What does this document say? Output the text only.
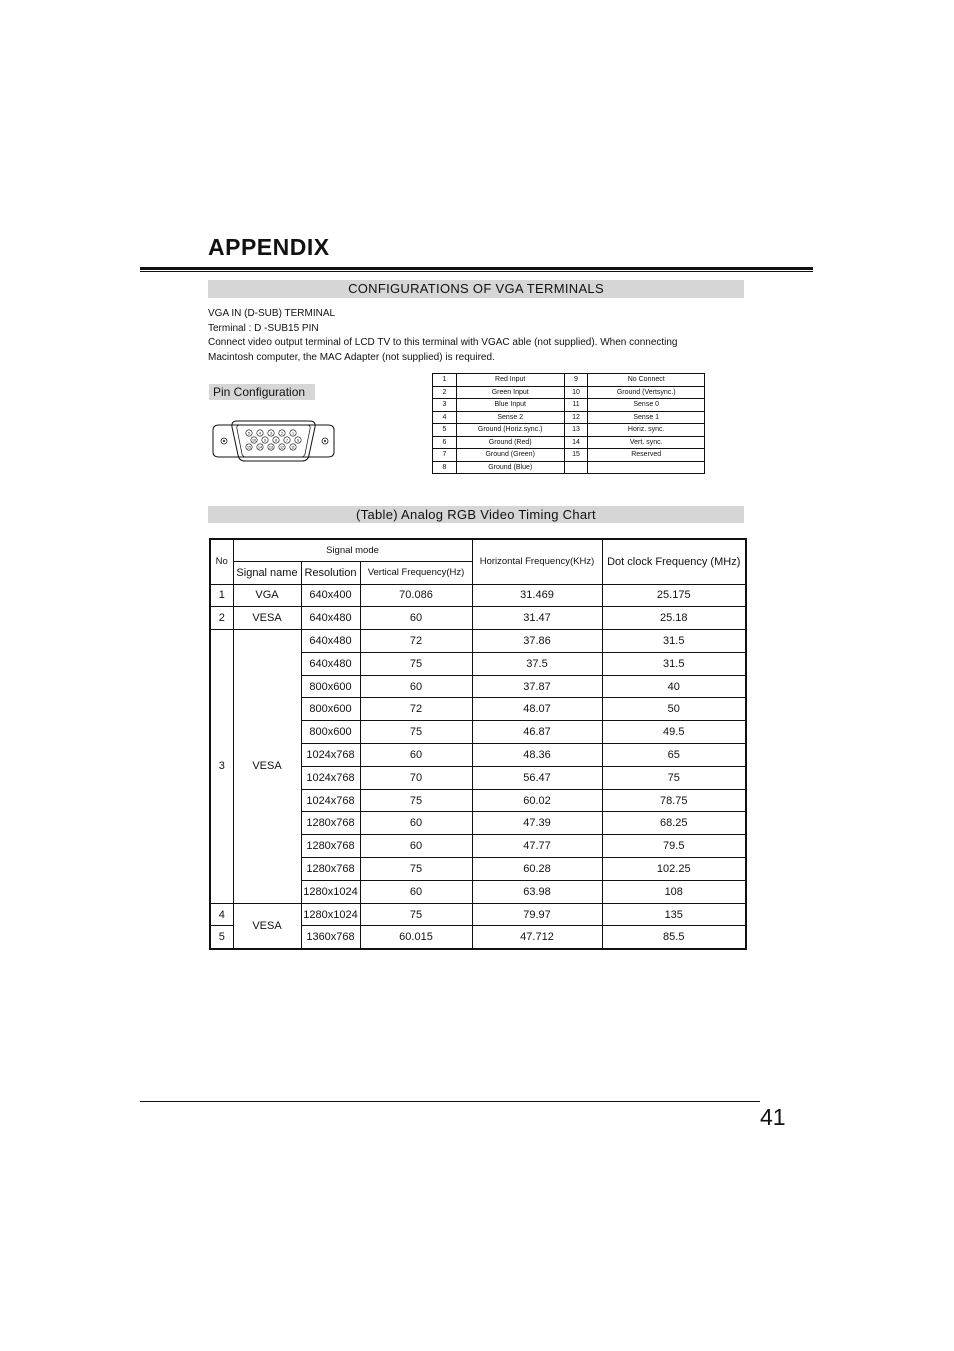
APPENDIX
CONFIGURATIONS OF VGA TERMINALS
VGA IN (D-SUB) TERMINAL
Terminal : D -SUB15 PIN
Connect video output terminal of LCD TV to this terminal with VGAC able (not supplied). When connecting
Macintosh computer, the MAC Adapter (not supplied) is required.
Pin Configuration
5	4	3	2	1
10 9	8	7	6
15 14 13 12 11
1	Red Input	9	No Connect
2	Green Input	10	Ground (Vertsync.)
3	Blue Input	11	Sense 0
4	Sense 2	12	Sense 1
5	Ground (Horiz.sync.)	13	Horiz. sync.
6	Ground (Red)	14	Vert. sync.
7	Ground (Green)	15	Reserved
8	Ground (Blue)		
(Table) Analog RGB Video Timing Chart
No	Signal mode			Horizontal Frequency(KHz)	Dot clock Frequency (MHz)
	Signal name	Resolution	Vertical Frequency(Hz)		
1	VGA	640x400	70.086	31.469	25.175
2	VESA	640x480	60	31.47	25.18
3	VESA	640x480	72	37.86	31.5
		640x480	75	37.5	31.5
		800x600	60	37.87	40
		800x600	72	48.07	50
		800x600	75	46.87	49.5
		1024x768	60	48.36	65
		1024x768	70	56.47	75
		1024x768	75	60.02	78.75
		1280x768	60	47.39	68.25
		1280x768	60	47.77	79.5
		1280x768	75	60.28	102.25
		1280x1024	60	63.98	108
4	VESA	1280x1024	75	79.97	135
5		1360x768	60.015	47.712	85.5
41
